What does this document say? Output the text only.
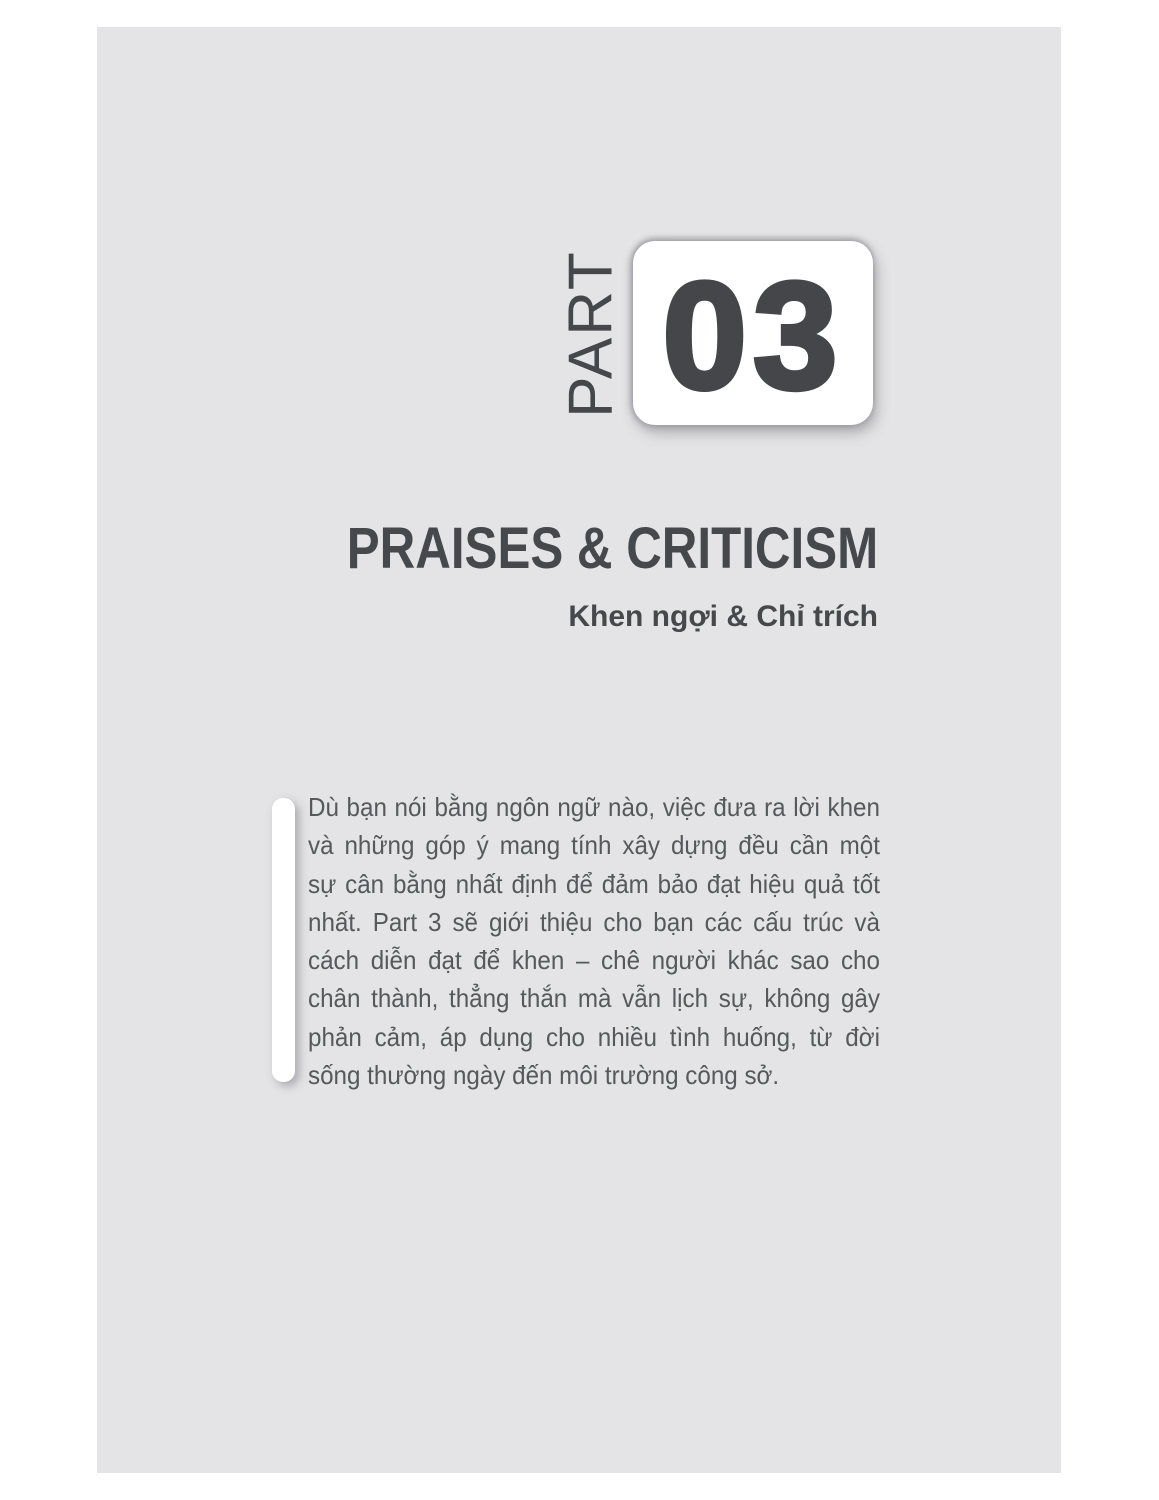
PART 03
PRAISES & CRITICISM
Khen ngợi & Chỉ trích
Dù bạn nói bằng ngôn ngữ nào, việc đưa ra lời khen
và những góp ý mang tính xây dựng đều cần một
sự cân bằng nhất định để đảm bảo đạt hiệu quả tốt
nhất. Part 3 sẽ giới thiệu cho bạn các cấu trúc và
cách diễn đạt để khen – chê người khác sao cho
chân thành, thẳng thắn mà vẫn lịch sự, không gây
phản cảm, áp dụng cho nhiều tình huống, từ đời
sống thường ngày đến môi trường công sở.
